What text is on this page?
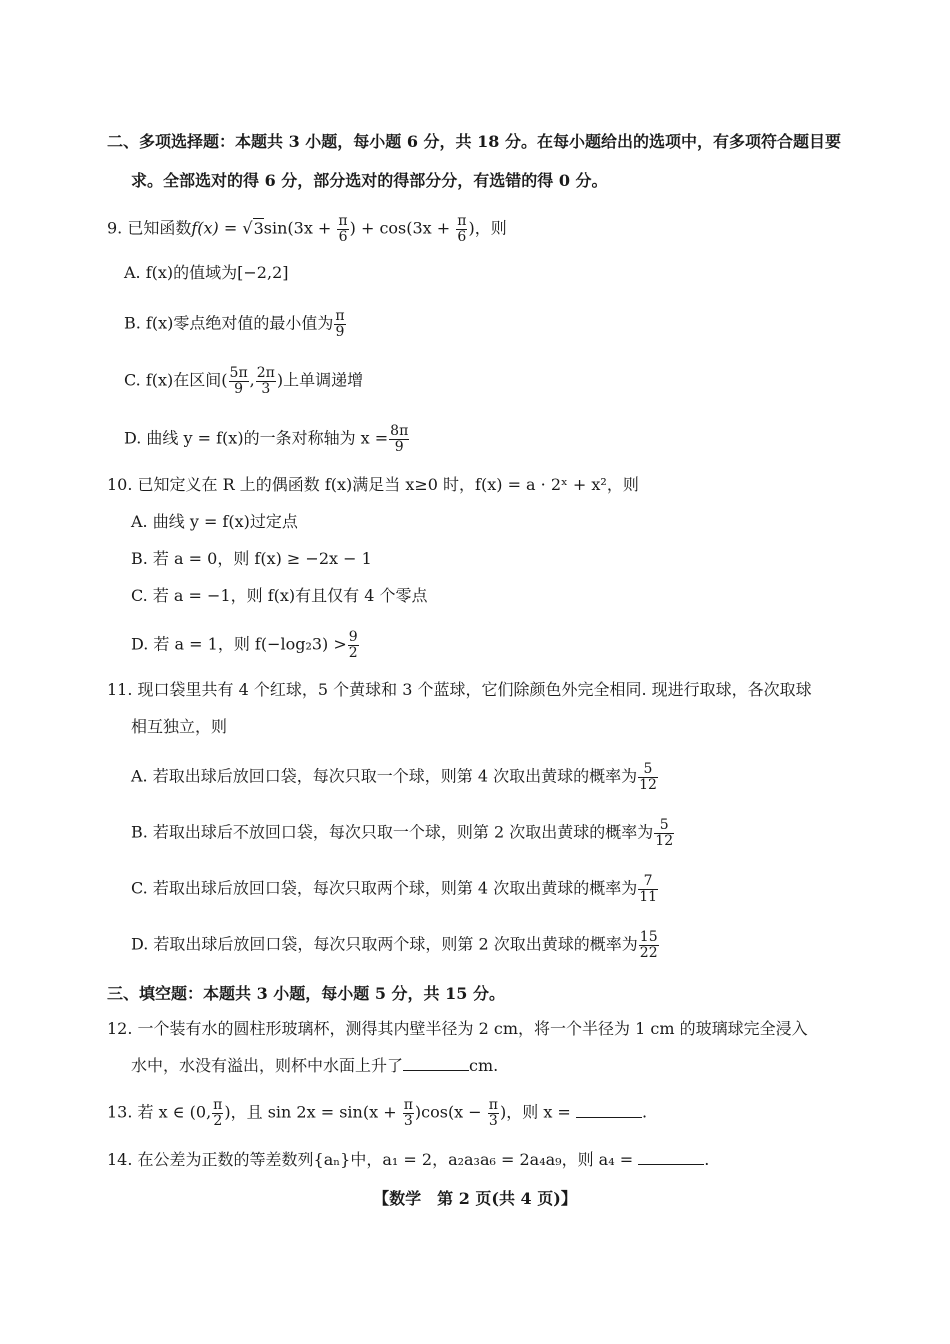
二、多项选择题：本题共 3 小题，每小题 6 分，共 18 分。在每小题给出的选项中，有多项符合题目要
求。全部选对的得 6 分，部分选对的得部分分，有选错的得 0 分。
9. 已知函数$f(x) = √3\sin(3x + \frac{\pi}{6}$ ) + $\cos(3x + \frac{\pi}{6}$ )，则
A. f(x)的值域为[−2,2]
B. f(x)零点绝对值的最小值为 $\frac{\pi}{9}$
C. f(x)在区间( $\frac{5\pi}{9}$ , $\frac{2\pi}{3}$ )上单调递增
D. 曲线 y = f(x)的一条对称轴为 $x = \frac{8\pi}{9}$
10. 已知定义在 R 上的偶函数 f(x)满足当 x≥0 时，f(x) = a · 2ˣ + x²，则
A. 曲线 y = f(x)过定点
B. 若 a = 0，则 f(x) ≥ −2x − 1
C. 若 a = −1，则 f(x)有且仅有 4 个零点
D. 若 a = 1，则 $f(-\log_23) > \frac{9}{2}$
11. 现口袋里共有 4 个红球，5 个黄球和 3 个蓝球，它们除颜色外完全相同. 现进行取球，各次取球
相互独立，则
A. 若取出球后放回口袋，每次只取一个球，则第 4 次取出黄球的概率为 $\frac{5}{12}$
B. 若取出球后不放回口袋，每次只取一个球，则第 2 次取出黄球的概率为 $\frac{5}{12}$
C. 若取出球后放回口袋，每次只取两个球，则第 4 次取出黄球的概率为 $\frac{7}{11}$
D. 若取出球后放回口袋，每次只取两个球，则第 2 次取出黄球的概率为 $\frac{15}{22}$
三、填空题：本题共 3 小题，每小题 5 分，共 15 分。
12. 一个装有水的圆柱形玻璃杯，测得其内壁半径为 2 cm，将一个半径为 1 cm 的玻璃球完全浸入
水中，水没有溢出，则杯中水面上升了	cm.
13. 若 x ∈ (0, $\frac{\pi}{2}$ )，且 $\sin 2x = \sin(x + \frac{\pi}{3} )\cos(x - \frac{\pi}{3}$ )，则 x =	.
14. 在公差为正数的等差数列{aₙ}中，a₁ = 2，a₂a₃a₆ = 2a₄a₉，则 a₄ =	.
【数学　第 2 页(共 4 页)】
